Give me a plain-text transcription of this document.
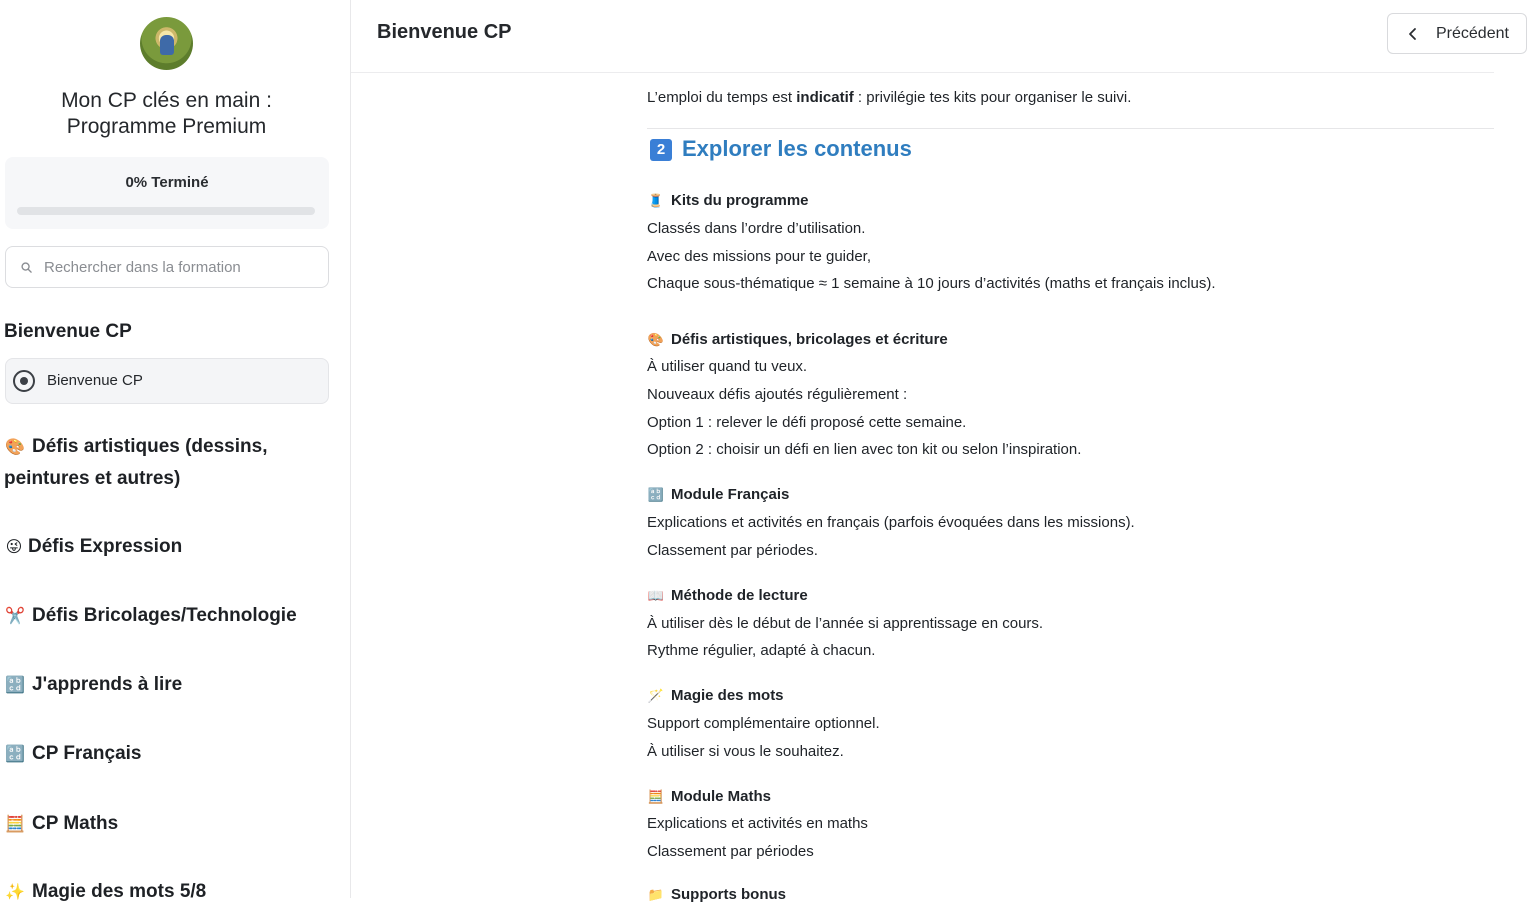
Mon CP clés en main :
Programme Premium
0% Terminé
Rechercher dans la formation
Bienvenue CP
Bienvenue CP
🎨 Défis artistiques (dessins,
peintures et autres)
😜 Défis Expression
✂️ Défis Bricolages/Technologie
🔡 J'apprends à lire
🔡 CP Français
🧮 CP Maths
✨ Magie des mots 5/8
Bienvenue CP	Précédent
L’emploi du temps est indicatif : privilégie tes kits pour organiser le suivi.
2 Explorer les contenus
🧵 Kits du programme
Classés dans l’ordre d’utilisation.
Avec des missions pour te guider,
Chaque sous-thématique ≈ 1 semaine à 10 jours d’activités (maths et français inclus).
🎨 Défis artistiques, bricolages et écriture
À utiliser quand tu veux.
Nouveaux défis ajoutés régulièrement :
Option 1 : relever le défi proposé cette semaine.
Option 2 : choisir un défi en lien avec ton kit ou selon l’inspiration.
🔡 Module Français
Explications et activités en français (parfois évoquées dans les missions).
Classement par périodes.
📖 Méthode de lecture
À utiliser dès le début de l’année si apprentissage en cours.
Rythme régulier, adapté à chacun.
🪄 Magie des mots
Support complémentaire optionnel.
À utiliser si vous le souhaitez.
🧮 Module Maths
Explications et activités en maths
Classement par périodes
📁 Supports bonus
